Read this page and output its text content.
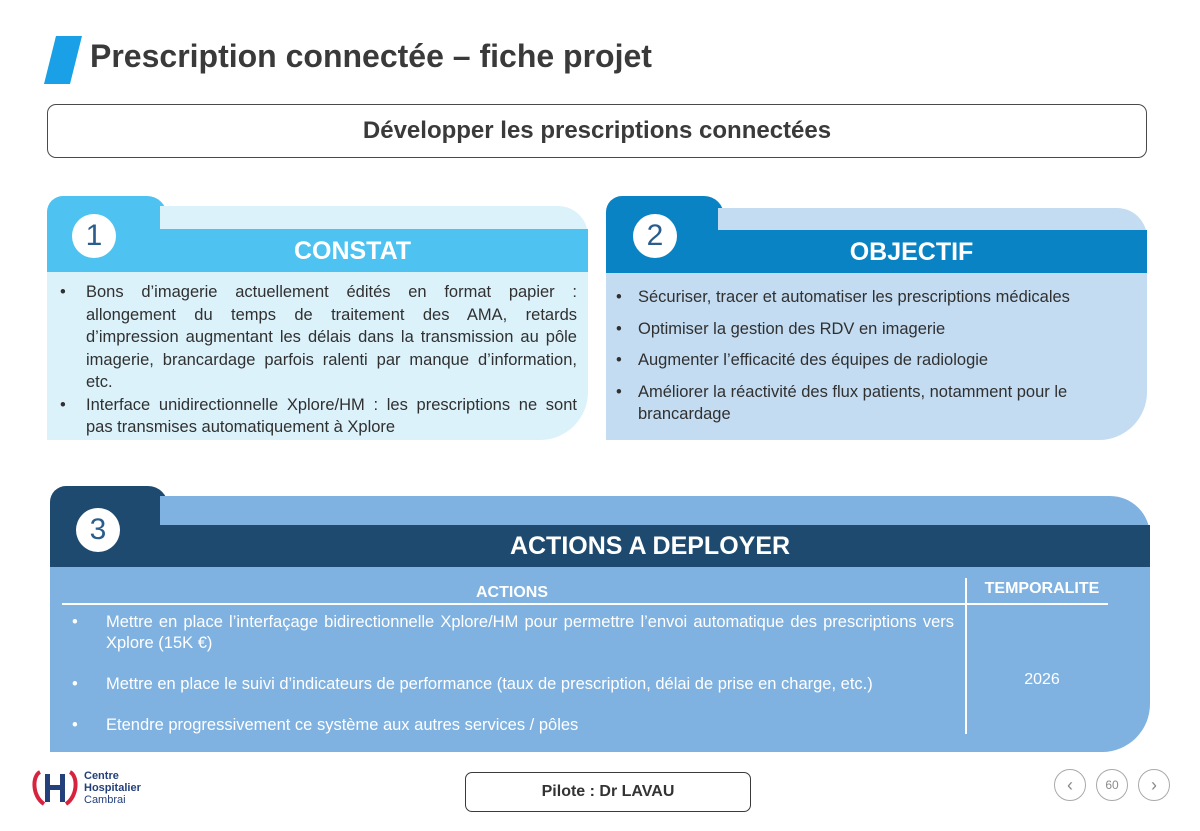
Prescription connectée – fiche projet
Développer les prescriptions connectées
1	CONSTAT
• Bons d’imagerie actuellement édités en format papier : allongement du temps de traitement des AMA, retards d’impression augmentant les délais dans la transmission au pôle imagerie, brancardage parfois ralenti par manque d’information, etc.
• Interface unidirectionnelle Xplore/HM : les prescriptions ne sont pas transmises automatiquement à Xplore
2	OBJECTIF
• Sécuriser, tracer et automatiser les prescriptions médicales
• Optimiser la gestion des RDV en imagerie
• Augmenter l’efficacité des équipes de radiologie
• Améliorer la réactivité des flux patients, notamment pour le brancardage
3	ACTIONS A DEPLOYER
ACTIONS	TEMPORALITE
• Mettre en place l’interfaçage bidirectionnelle Xplore/HM pour permettre l’envoi automatique des prescriptions vers Xplore (15K €)
• Mettre en place le suivi d’indicateurs de performance (taux de prescription, délai de prise en charge, etc.)
• Etendre progressivement ce système aux autres services / pôles
2026
Centre
Hospitalier
Cambrai	Pilote : Dr LAVAU	‹	60 ›
